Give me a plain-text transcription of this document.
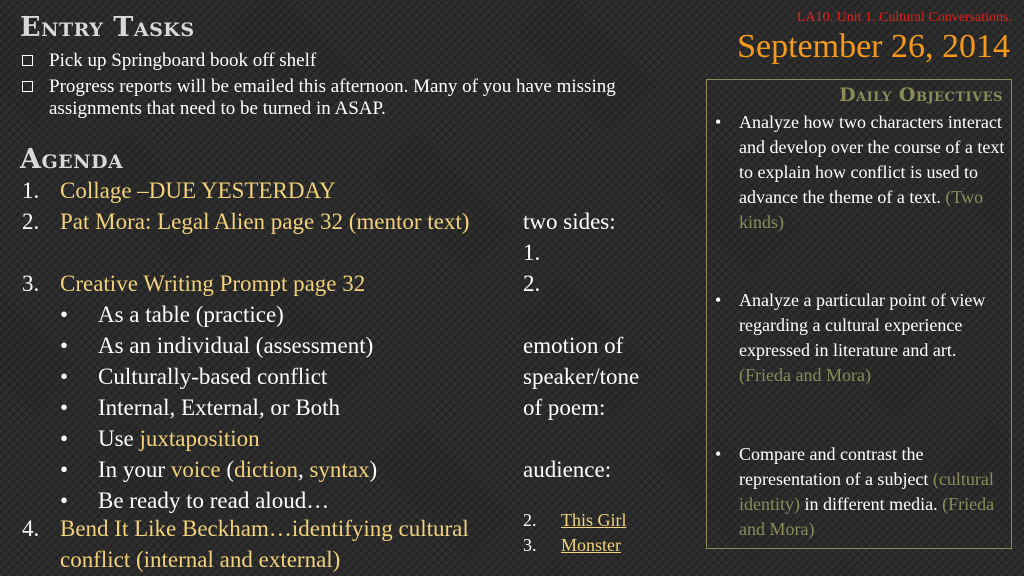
Entry Tasks
Pick up Springboard book off shelf
Progress reports will be emailed this afternoon. Many of you have missing assignments that need to be turned in ASAP.
Agenda
1. Collage –DUE YESTERDAY
2. Pat Mora: Legal Alien page 32 (mentor text)
3. Creative Writing Prompt page 32
• As a table (practice)
• As an individual (assessment)
• Culturally-based conflict
• Internal, External, or Both
• Use juxtaposition
• In your voice (diction, syntax)
• Be ready to read aloud…
4. Bend It Like Beckham…identifying cultural conflict (internal and external)
two sides:
1.
2.
emotion of
speaker/tone
of poem:
audience:
2. This Girl
3. Monster
LA10. Unit 1. Cultural Conversations.
September 26, 2014
Daily Objectives
• Analyze how two characters interact and develop over the course of a text to explain how conflict is used to advance the theme of a text. (Two kinds)
• Analyze a particular point of view regarding a cultural experience expressed in literature and art. (Frieda and Mora)
• Compare and contrast the representation of a subject (cultural identity) in different media. (Frieda and Mora)
